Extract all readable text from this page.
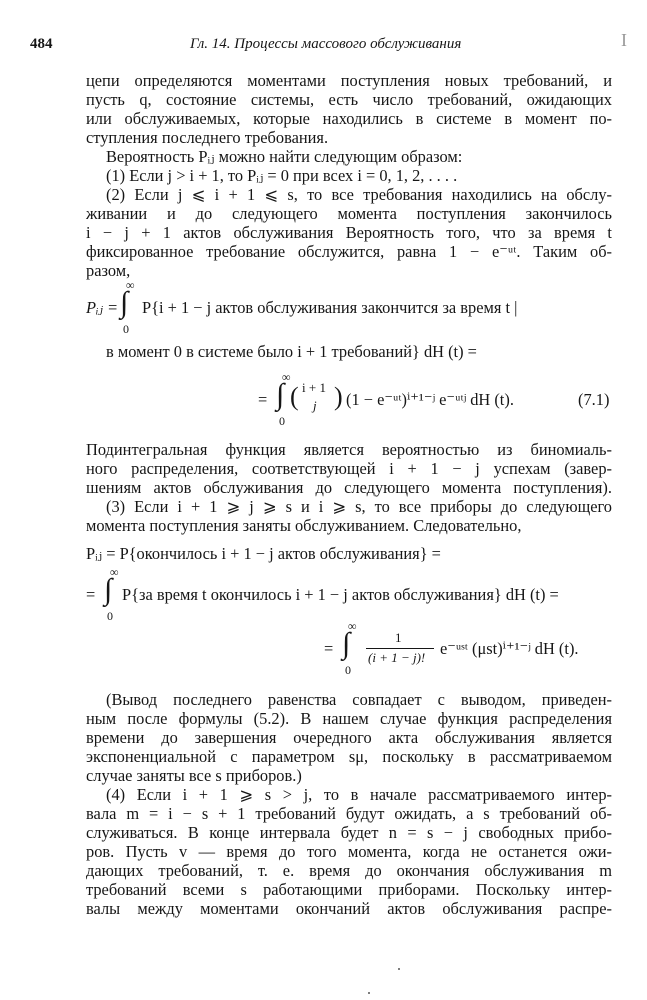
484	Гл. 14. Процессы массового обслуживания	I
цепи определяются моментами поступления новых требований, и
пусть q, состояние системы, есть число требований, ожидающих
или обслуживаемых, которые находились в системе в момент по-
ступления последнего требования.
Вероятность Pᵢⱼ можно найти следующим образом:
(1) Если j > i + 1, то Pᵢⱼ = 0 при всех i = 0, 1, 2, . . . .
(2) Если j ⩽ i + 1 ⩽ s, то все требования находились на обслу-
живании и до следующего момента поступления закончилось
i − j + 1 актов обслуживания Вероятность того, что за время t
фиксированное требование обслужится, равна 1 − e⁻ᵘᵗ. Таким об-
разом,
Pᵢⱼ =
∞
∫
0
P{i + 1 − j актов обслуживания закончится за время t |
в момент 0 в системе было i + 1 требований} dH (t) =
=
∞
∫
0
( i + 1
j ) (1 − e⁻ᵘᵗ)ⁱ⁺¹⁻ʲ e⁻ᵘᵗʲ dH (t).	(7.1)
Подинтегральная функция является вероятностью из биномиаль-
ного распределения, соответствующей i + 1 − j успехам (завер-
шениям актов обслуживания до следующего момента поступления).
(3) Если i + 1 ⩾ j ⩾ s и i ⩾ s, то все приборы до следующего
момента поступления заняты обслуживанием. Следовательно,
Pᵢⱼ = P{окончилось i + 1 − j актов обслуживания} =
=
∞
∫
0
P{за время t окончилось i + 1 − j актов обслуживания} dH (t) =
=
∞
∫
0
1
(i + 1 − j)! e⁻ᵘˢᵗ (μst)ⁱ⁺¹⁻ʲ dH (t).
(Вывод последнего равенства совпадает с выводом, приведен-
ным после формулы (5.2). В нашем случае функция распределения
времени до завершения очередного акта обслуживания является
экспоненциальной с параметром sμ, поскольку в рассматриваемом
случае заняты все s приборов.)
(4) Если i + 1 ⩾ s > j, то в начале рассматриваемого интер-
вала m = i − s + 1 требований будут ожидать, а s требований об-
служиваться. В конце интервала будет n = s − j свободных прибо-
ров. Пусть v — время до того момента, когда не останется ожи-
дающих требований, т. е. время до окончания обслуживания m
требований всеми s работающими приборами. Поскольку интер-
валы между моментами окончаний актов обслуживания распре-
